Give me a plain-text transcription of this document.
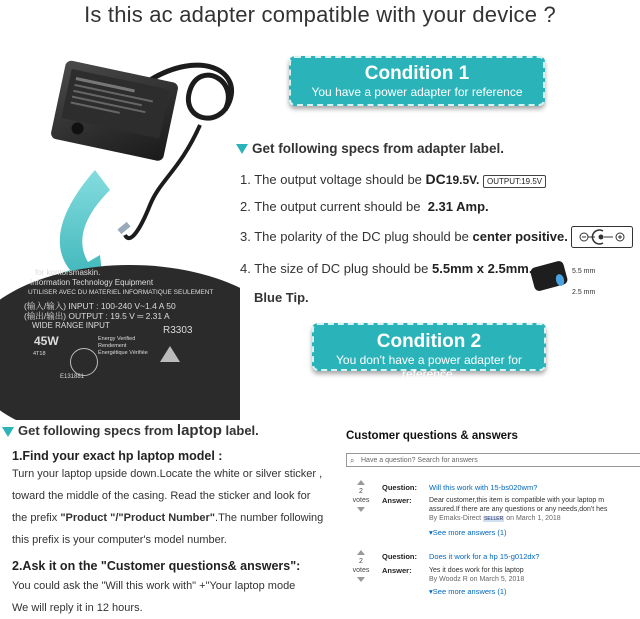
Is this ac adapter compatible with your device ?
for kontorsmaskin.
Information Technology Equipment
UTILISER AVEC DU MATERIEL INFORMATIQUE SEULEMENT
(输入/输入) INPUT : 100-240 V~1.4 A 50
(输出/输出) OUTPUT : 19.5 V ═ 2.31 A
WIDE RANGE INPUT
45W
R3303
Energy Verified
Rendement
Énergétique Vérifiée
4T18
E131881
Condition 1
You have a power adapter for reference
Get following specs from adapter label.
1. The output voltage should be DC19.5V. OUTPUT:19.5V
2. The output current should be 2.31 Amp.
3. The polarity of the DC plug should be center positive.
4. The size of DC plug should be 5.5mm x 2.5mm.	5.5 mm
2.5 mm
Blue Tip.
Condition 2
You don't have a power adapter for reference.
Get following specs from laptop label.
1.Find your exact hp laptop model :
Turn your laptop upside down.Locate the white or silver sticker ,
toward the middle of the casing. Read the sticker and look for
the prefix "Product "/"Product Number".The number following
this prefix is your computer's model number.
2.Ask it on the "Customer questions& answers":
You could ask the "Will this work with" +"Your laptop mode
We will reply it in 12 hours.
Customer questions & answers
⌕ Have a question? Search for answers
2
votes
Question: Will this work with 15-bs020wm?
Answer: Dear customer,this item is compatible with your laptop m
assured.If there are any questions or any needs,don't hes
By Emaks-Direct SELLER on March 1, 2018
▾See more answers (1)
2
votes
Question: Does it work for a hp 15-g012dx?
Answer: Yes it does work for this laptop
By Woodz R on March 5, 2018
▾See more answers (1)
